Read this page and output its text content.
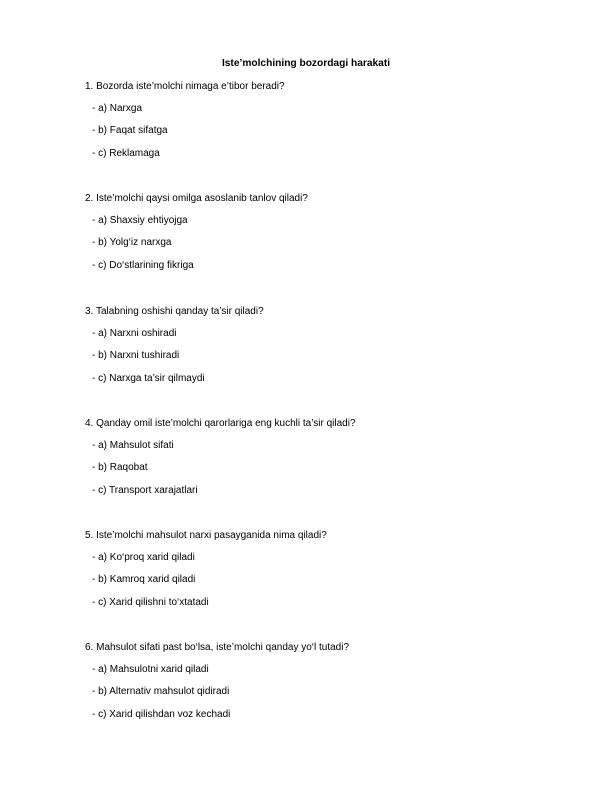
Iste’molchining bozordagi harakati
1. Bozorda iste’molchi nimaga e’tibor beradi?
- a) Narxga
- b) Faqat sifatga
- c) Reklamaga
2. Iste’molchi qaysi omilga asoslanib tanlov qiladi?
- a) Shaxsiy ehtiyojga
- b) Yolg‘iz narxga
- c) Do‘stlarining fikriga
3. Talabning oshishi qanday ta’sir qiladi?
- a) Narxni oshiradi
- b) Narxni tushiradi
- c) Narxga ta’sir qilmaydi
4. Qanday omil iste’molchi qarorlariga eng kuchli ta’sir qiladi?
- a) Mahsulot sifati
- b) Raqobat
- c) Transport xarajatlari
5. Iste’molchi mahsulot narxi pasayganida nima qiladi?
- a) Ko‘proq xarid qiladi
- b) Kamroq xarid qiladi
- c) Xarid qilishni to‘xtatadi
6. Mahsulot sifati past bo‘lsa, iste’molchi qanday yo‘l tutadi?
- a) Mahsulotni xarid qiladi
- b) Alternativ mahsulot qidiradi
- c) Xarid qilishdan voz kechadi
